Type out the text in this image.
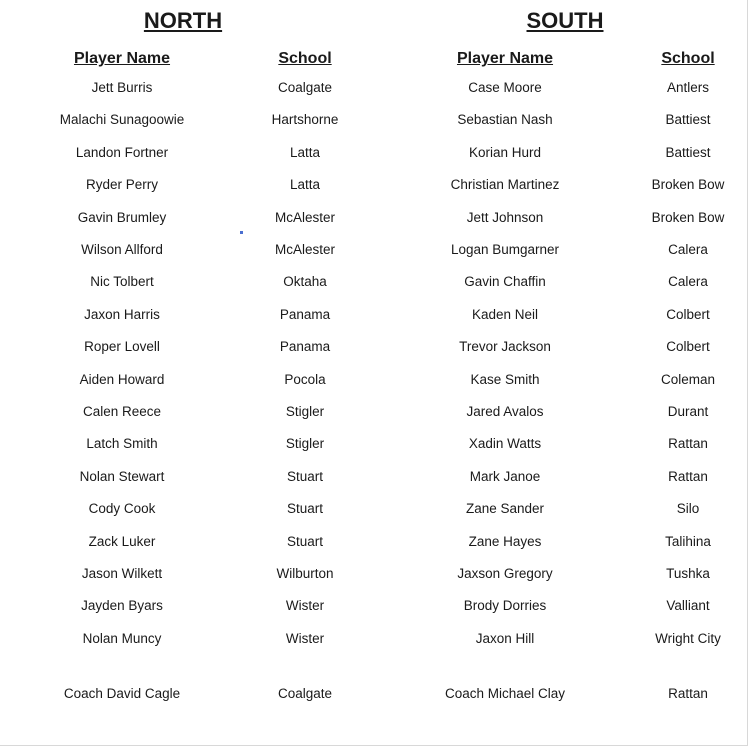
NORTH
Player Name	School
Jett Burris	Coalgate
Malachi Sunagoowie	Hartshorne
Landon Fortner	Latta
Ryder Perry	Latta
Gavin Brumley	McAlester
Wilson Allford	McAlester
Nic Tolbert	Oktaha
Jaxon Harris	Panama
Roper Lovell	Panama
Aiden Howard	Pocola
Calen Reece	Stigler
Latch Smith	Stigler
Nolan Stewart	Stuart
Cody Cook	Stuart
Zack Luker	Stuart
Jason Wilkett	Wilburton
Jayden Byars	Wister
Nolan Muncy	Wister
Coach David Cagle	Coalgate
SOUTH
Player Name	School
Case Moore	Antlers
Sebastian Nash	Battiest
Korian Hurd	Battiest
Christian Martinez	Broken Bow
Jett Johnson	Broken Bow
Logan Bumgarner	Calera
Gavin Chaffin	Calera
Kaden Neil	Colbert
Trevor Jackson	Colbert
Kase Smith	Coleman
Jared Avalos	Durant
Xadin Watts	Rattan
Mark Janoe	Rattan
Zane Sander	Silo
Zane Hayes	Talihina
Jaxson Gregory	Tushka
Brody Dorries	Valliant
Jaxon Hill	Wright City
Coach Michael Clay	Rattan
